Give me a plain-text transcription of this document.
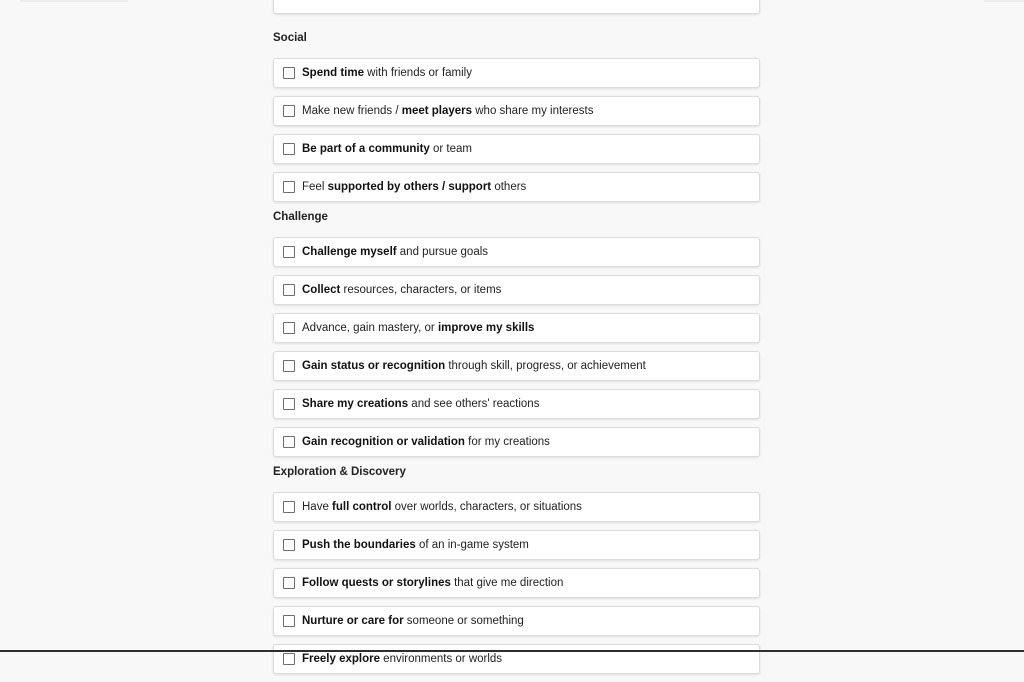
Social
Spend time with friends or family
Make new friends / meet players who share my interests
Be part of a community or team
Feel supported by others / support others
Challenge
Challenge myself and pursue goals
Collect resources, characters, or items
Advance, gain mastery, or improve my skills
Gain status or recognition through skill, progress, or achievement
Share my creations and see others' reactions
Gain recognition or validation for my creations
Exploration & Discovery
Have full control over worlds, characters, or situations
Push the boundaries of an in-game system
Follow quests or storylines that give me direction
Nurture or care for someone or something
Freely explore environments or worlds
